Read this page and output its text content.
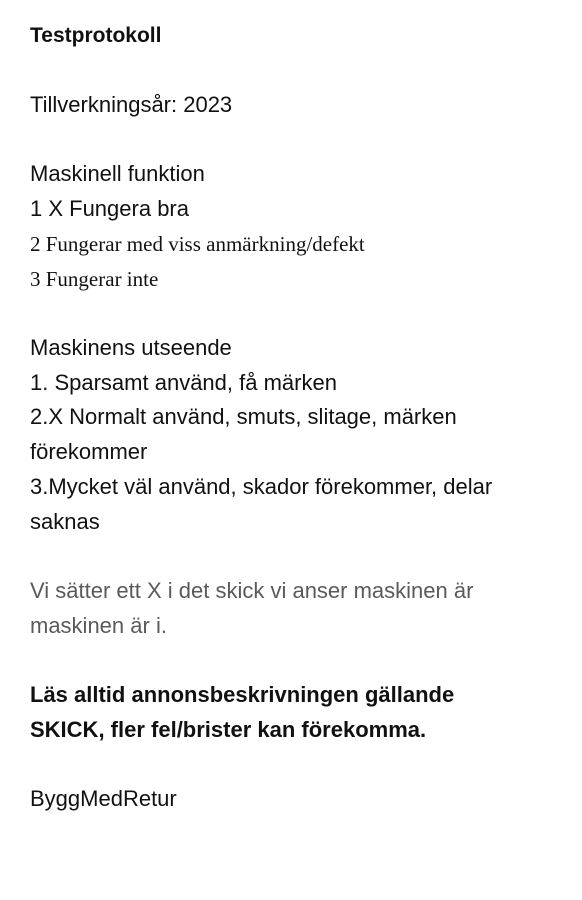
Testprotokoll
Tillverkningsår: 2023
Maskinell funktion
1 X Fungera bra
2 Fungerar med viss anmärkning/defekt
3 Fungerar inte
Maskinens utseende
1. Sparsamt använd, få märken
2.X Normalt använd, smuts, slitage, märken
förekommer
3.Mycket väl använd, skador förekommer, delar
saknas
Vi sätter ett X i det skick vi anser maskinen är
maskinen är i.
Läs alltid annonsbeskrivningen gällande
SKICK, fler fel/brister kan förekomma.
ByggMedRetur
